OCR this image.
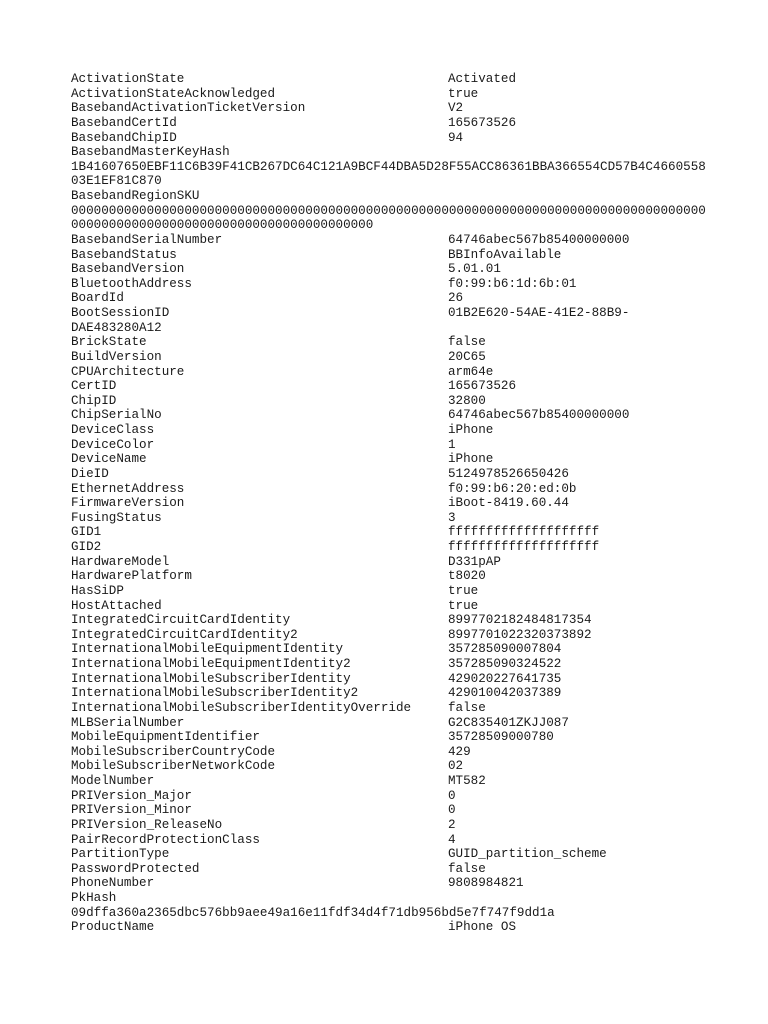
ActivationState	Activated
ActivationStateAcknowledged	true
BasebandActivationTicketVersion	V2
BasebandCertId	165673526
BasebandChipID	94
BasebandMasterKeyHash
1B41607650EBF11C6B39F41CB267DC64C121A9BCF44DBA5D28F55ACC86361BBA366554CD57B4C466055803E1EF81C870
BasebandRegionSKU
0000000000000000000000000000000000000000000000000000000000000000000000000000000000000000000000000000000000000000000000000000
BasebandSerialNumber	64746abec567b85400000000
BasebandStatus	BBInfoAvailable
BasebandVersion	5.01.01
BluetoothAddress	f0:99:b6:1d:6b:01
BoardId	26
BootSessionID	01B2E620-54AE-41E2-88B9-
DAE483280A12
BrickState	false
BuildVersion	20C65
CPUArchitecture	arm64e
CertID	165673526
ChipID	32800
ChipSerialNo	64746abec567b85400000000
DeviceClass	iPhone
DeviceColor	1
DeviceName	iPhone
DieID	5124978526650426
EthernetAddress	f0:99:b6:20:ed:0b
FirmwareVersion	iBoot-8419.60.44
FusingStatus	3
GID1	ffffffffffffffffffff
GID2	ffffffffffffffffffff
HardwareModel	D331pAP
HardwarePlatform	t8020
HasSiDP	true
HostAttached	true
IntegratedCircuitCardIdentity	8997702182484817354
IntegratedCircuitCardIdentity2	8997701022320373892
InternationalMobileEquipmentIdentity	357285090007804
InternationalMobileEquipmentIdentity2	357285090324522
InternationalMobileSubscriberIdentity	429020227641735
InternationalMobileSubscriberIdentity2	429010042037389
InternationalMobileSubscriberIdentityOverride	false
MLBSerialNumber	G2C835401ZKJJ087
MobileEquipmentIdentifier	35728509000780
MobileSubscriberCountryCode	429
MobileSubscriberNetworkCode	02
ModelNumber	MT582
PRIVersion_Major	0
PRIVersion_Minor	0
PRIVersion_ReleaseNo	2
PairRecordProtectionClass	4
PartitionType	GUID_partition_scheme
PasswordProtected	false
PhoneNumber	9808984821
PkHash
09dffa360a2365dbc576bb9aee49a16e11fdf34d4f71db956bd5e7f747f9dd1a
ProductName	iPhone OS
